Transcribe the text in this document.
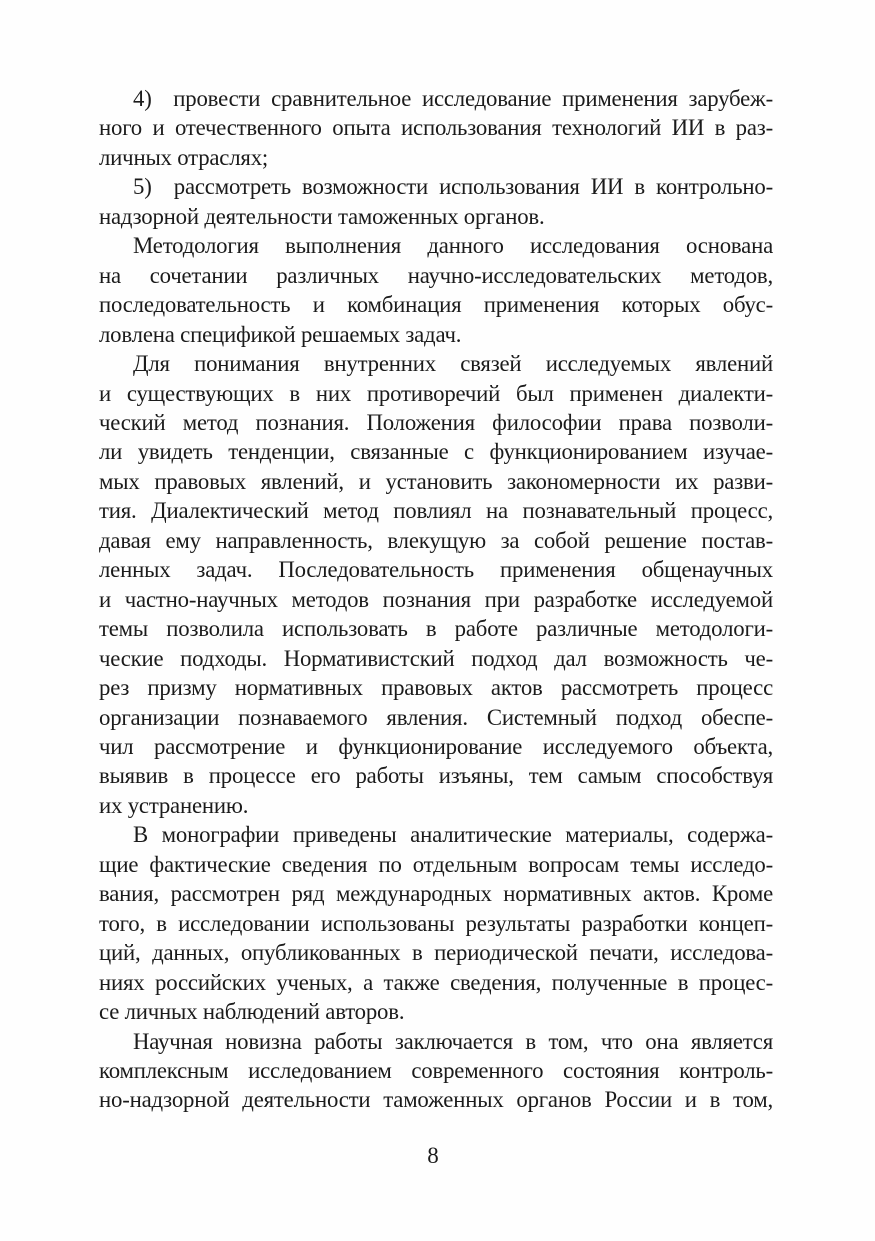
4)  провести сравнительное исследование применения зарубеж-
ного и отечественного опыта использования технологий ИИ в раз-
личных отраслях;
5)  рассмотреть возможности использования ИИ в контрольно-
надзорной деятельности таможенных органов.
Методология выполнения данного исследования основана
на сочетании различных научно-исследовательских методов,
последовательность и комбинация применения которых обус-
ловлена спецификой решаемых задач.
Для понимания внутренних связей исследуемых явлений
и существующих в них противоречий был применен диалекти-
ческий метод познания. Положения философии права позволи-
ли увидеть тенденции, связанные с функционированием изучае-
мых правовых явлений, и установить закономерности их разви-
тия. Диалектический метод повлиял на познавательный процесс,
давая ему направленность, влекущую за собой решение постав-
ленных задач. Последовательность применения общенаучных
и частно-научных методов познания при разработке исследуемой
темы позволила использовать в работе различные методологи-
ческие подходы. Нормативистский подход дал возможность че-
рез призму нормативных правовых актов рассмотреть процесс
организации познаваемого явления. Системный подход обеспе-
чил рассмотрение и функционирование исследуемого объекта,
выявив в процессе его работы изъяны, тем самым способствуя
их устранению.
В монографии приведены аналитические материалы, содержа-
щие фактические сведения по отдельным вопросам темы исследо-
вания, рассмотрен ряд международных нормативных актов. Кроме
того, в исследовании использованы результаты разработки концеп-
ций, данных, опубликованных в периодической печати, исследова-
ниях российских ученых, а также сведения, полученные в процес-
се личных наблюдений авторов.
Научная новизна работы заключается в том, что она является
комплексным исследованием современного состояния контроль-
но-надзорной деятельности таможенных органов России и в том,
8
